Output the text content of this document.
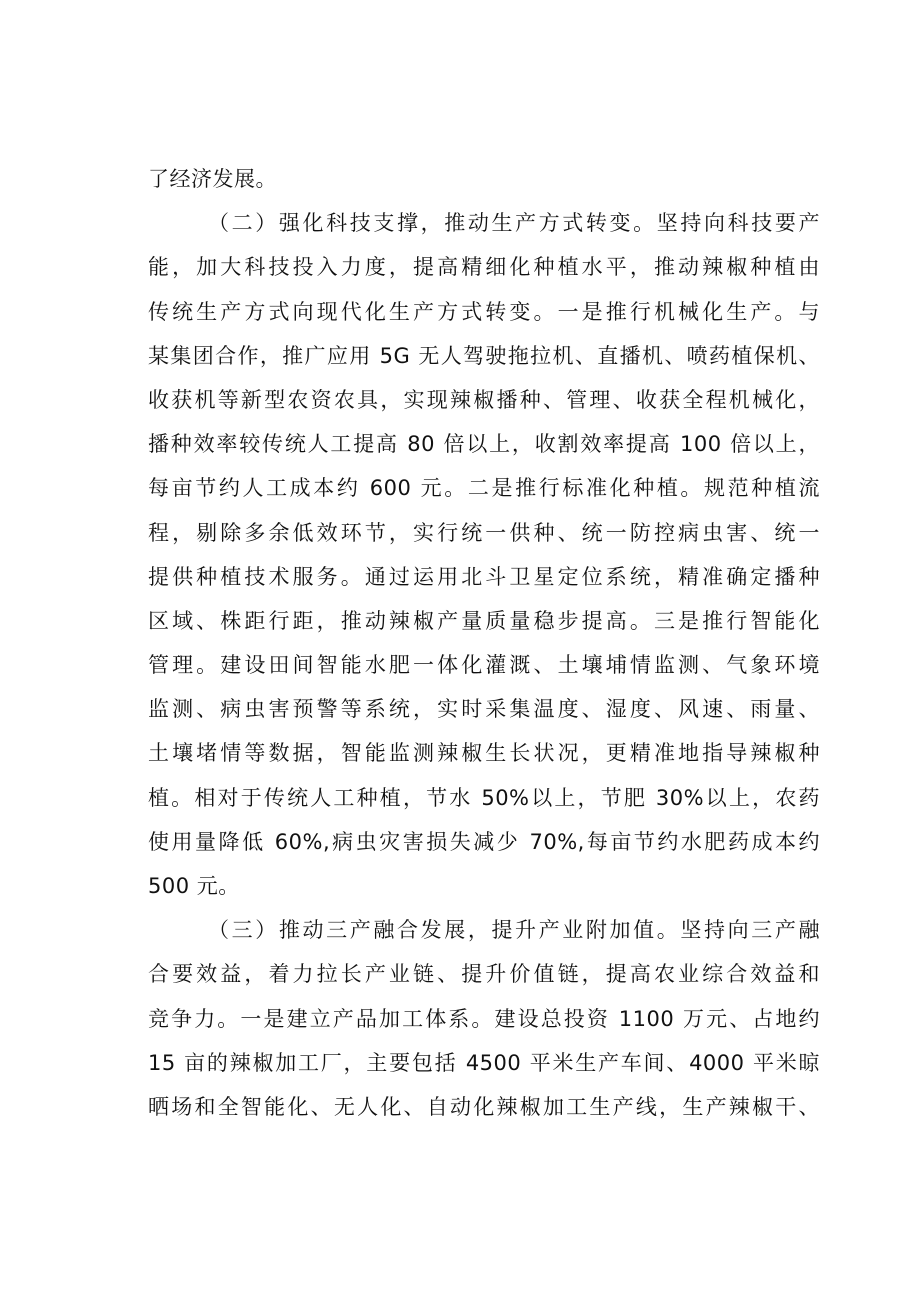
了经济发展。
（二）强化科技支撑，推动生产方式转变。坚持向科技要产
能，加大科技投入力度，提高精细化种植水平，推动辣椒种植由
传统生产方式向现代化生产方式转变。一是推行机械化生产。与
某集团合作，推广应用 5G 无人驾驶拖拉机、直播机、喷药植保机、
收获机等新型农资农具，实现辣椒播种、管理、收获全程机械化，
播种效率较传统人工提高 80 倍以上，收割效率提高 100 倍以上，
每亩节约人工成本约 600 元。二是推行标准化种植。规范种植流
程，剔除多余低效环节，实行统一供种、统一防控病虫害、统一
提供种植技术服务。通过运用北斗卫星定位系统，精准确定播种
区域、株距行距，推动辣椒产量质量稳步提高。三是推行智能化
管理。建设田间智能水肥一体化灌溉、土壤埔情监测、气象环境
监测、病虫害预警等系统，实时采集温度、湿度、风速、雨量、
土壤堵情等数据，智能监测辣椒生长状况，更精准地指导辣椒种
植。相对于传统人工种植，节水 50%以上，节肥 30%以上，农药
使用量降低 60%,病虫灾害损失减少 70%,每亩节约水肥药成本约
500 元。
（三）推动三产融合发展，提升产业附加值。坚持向三产融
合要效益，着力拉长产业链、提升价值链，提高农业综合效益和
竞争力。一是建立产品加工体系。建设总投资 1100 万元、占地约
15 亩的辣椒加工厂，主要包括 4500 平米生产车间、4000 平米晾
晒场和全智能化、无人化、自动化辣椒加工生产线，生产辣椒干、
